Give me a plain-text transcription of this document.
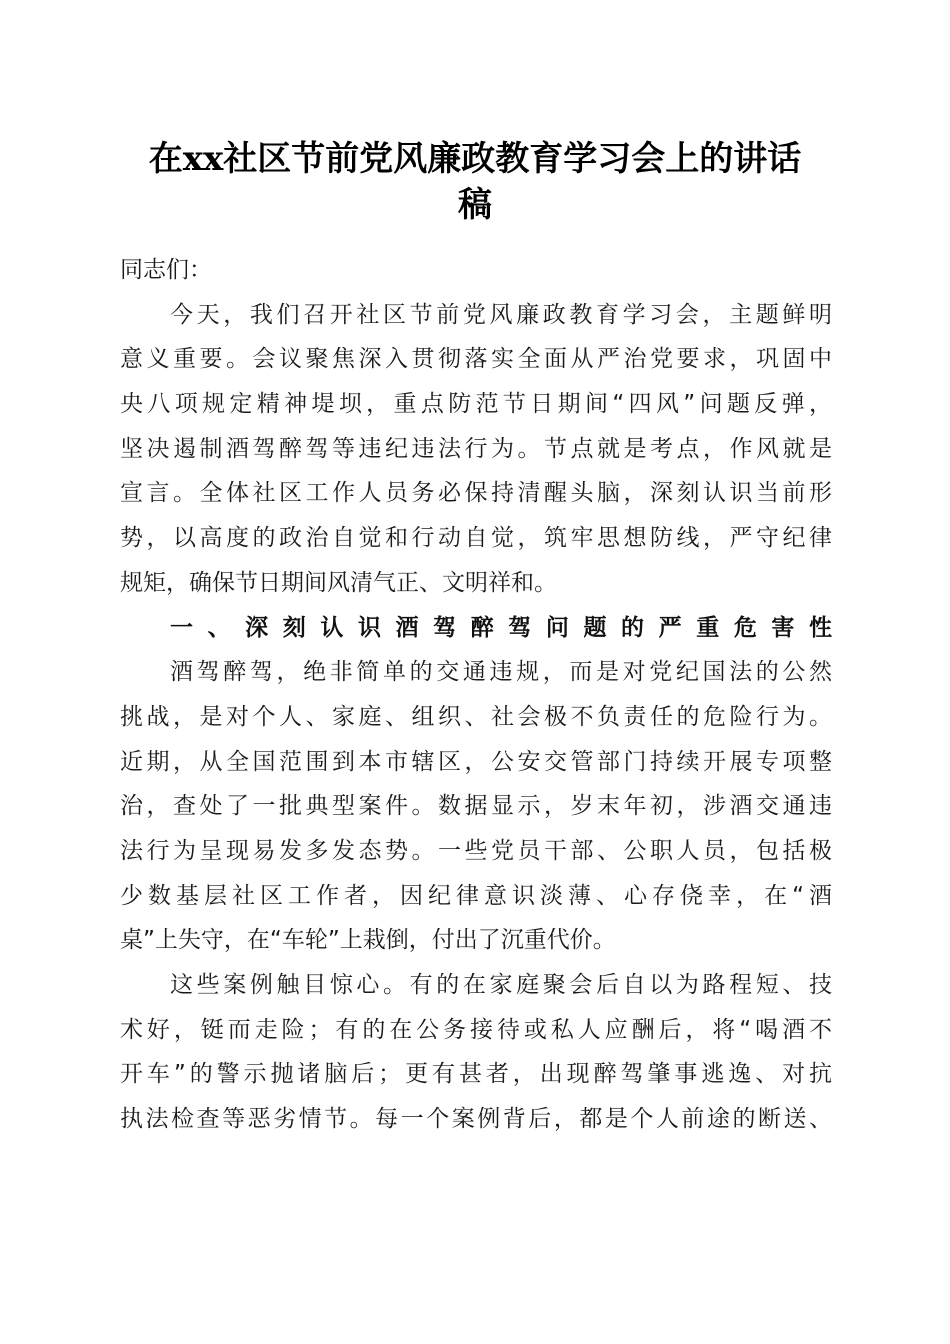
在xx社区节前党风廉政教育学习会上的讲话
稿
同志们：
今天，我们召开社区节前党风廉政教育学习会，主题鲜明
意义重要。会议聚焦深入贯彻落实全面从严治党要求，巩固中
央八项规定精神堤坝，重点防范节日期间“四风”问题反弹，
坚决遏制酒驾醉驾等违纪违法行为。节点就是考点，作风就是
宣言。全体社区工作人员务必保持清醒头脑，深刻认识当前形
势，以高度的政治自觉和行动自觉，筑牢思想防线，严守纪律
规矩，确保节日期间风清气正、文明祥和。
一、深刻认识酒驾醉驾问题的严重危害性
酒驾醉驾，绝非简单的交通违规，而是对党纪国法的公然
挑战，是对个人、家庭、组织、社会极不负责任的危险行为。
近期，从全国范围到本市辖区，公安交管部门持续开展专项整
治，查处了一批典型案件。数据显示，岁末年初，涉酒交通违
法行为呈现易发多发态势。一些党员干部、公职人员，包括极
少数基层社区工作者，因纪律意识淡薄、心存侥幸，在“酒
桌”上失守，在“车轮”上栽倒，付出了沉重代价。
这些案例触目惊心。有的在家庭聚会后自以为路程短、技
术好，铤而走险；有的在公务接待或私人应酬后，将“喝酒不
开车”的警示抛诸脑后；更有甚者，出现醉驾肇事逃逸、对抗
执法检查等恶劣情节。每一个案例背后，都是个人前途的断送、
